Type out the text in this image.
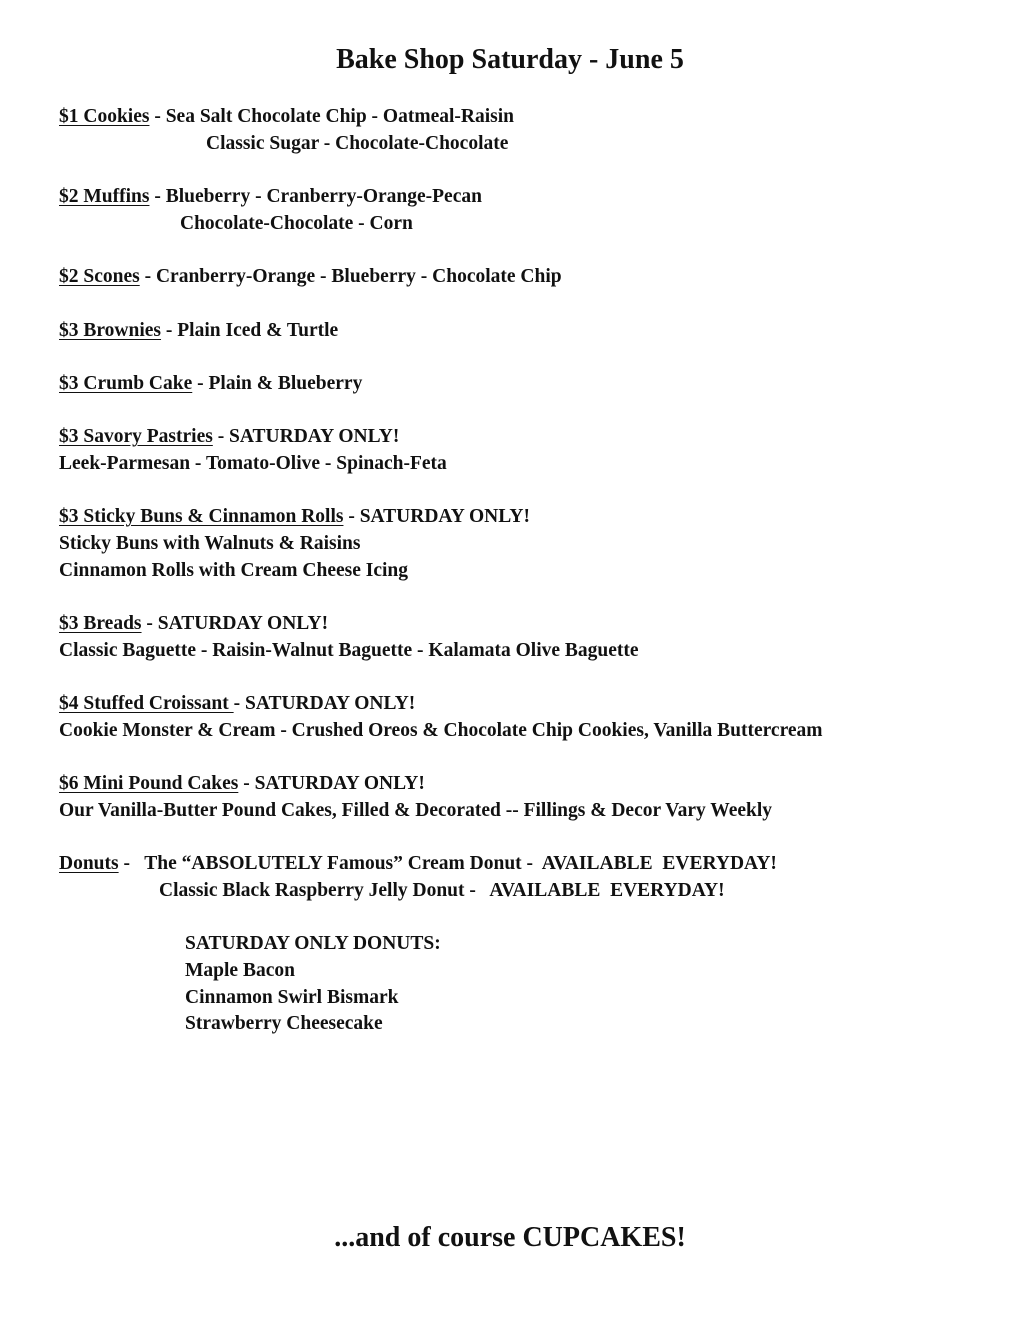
Bake Shop Saturday - June 5
$1 Cookies - Sea Salt Chocolate Chip - Oatmeal-Raisin
Classic Sugar - Chocolate-Chocolate
$2 Muffins - Blueberry - Cranberry-Orange-Pecan
Chocolate-Chocolate - Corn
$2 Scones - Cranberry-Orange - Blueberry - Chocolate Chip
$3 Brownies - Plain Iced & Turtle
$3 Crumb Cake - Plain & Blueberry
$3 Savory Pastries - SATURDAY ONLY!
Leek-Parmesan - Tomato-Olive - Spinach-Feta
$3 Sticky Buns & Cinnamon Rolls - SATURDAY ONLY!
Sticky Buns with Walnuts & Raisins
Cinnamon Rolls with Cream Cheese Icing
$3 Breads - SATURDAY ONLY!
Classic Baguette - Raisin-Walnut Baguette - Kalamata Olive Baguette
$4 Stuffed Croissant - SATURDAY ONLY!
Cookie Monster & Cream - Crushed Oreos & Chocolate Chip Cookies, Vanilla Buttercream
$6 Mini Pound Cakes - SATURDAY ONLY!
Our Vanilla-Butter Pound Cakes, Filled & Decorated -- Fillings & Decor Vary Weekly
Donuts -   The “ABSOLUTELY Famous” Cream Donut -  AVAILABLE  EVERYDAY!
Classic Black Raspberry Jelly Donut -   AVAILABLE  EVERYDAY!
SATURDAY ONLY DONUTS:
Maple Bacon
Cinnamon Swirl Bismark
Strawberry Cheesecake
...and of course CUPCAKES!
